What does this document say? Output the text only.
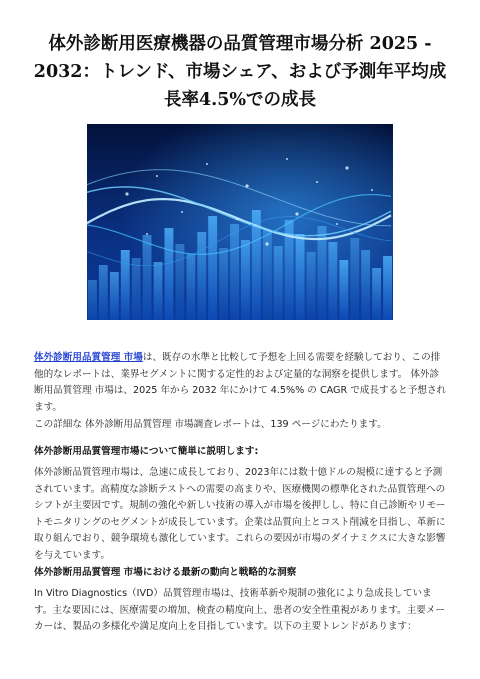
体外診断用医療機器の品質管理市場分析 2025 - 2032：トレンド、市場シェア、および予測年平均成長率4.5%での成長

体外診断用品質管理 市場は、既存の水準と比較して予想を上回る需要を経験しており、この排他的なレポートは、業界セグメントに関する定性的および定量的な洞察を提供します。 体外診断用品質管理 市場は、2025 年から 2032 年にかけて 4.5%% の CAGR で成長すると予想されます。

この詳細な 体外診断用品質管理 市場調査レポートは、139 ページにわたります。

体外診断用品質管理市場について簡単に説明します:

体外診断品質管理市場は、急速に成長しており、2023年には数十億ドルの規模に達すると予測されています。高精度な診断テストへの需要の高まりや、医療機関の標準化された品質管理へのシフトが主要因です。規制の強化や新しい技術の導入が市場を後押しし、特に自己診断やリモートモニタリングのセグメントが成長しています。企業は品質向上とコスト削減を目指し、革新に取り組んでおり、競争環境も激化しています。これらの要因が市場のダイナミクスに大きな影響を与えています。

体外診断用品質管理 市場における最新の動向と戦略的な洞察

In Vitro Diagnostics（IVD）品質管理市場は、技術革新や規制の強化により急成長しています。主な要因には、医療需要の増加、検査の精度向上、患者の安全性重視があります。主要メーカーは、製品の多様化や満足度向上を目指しています。以下の主要トレンドがあります：
